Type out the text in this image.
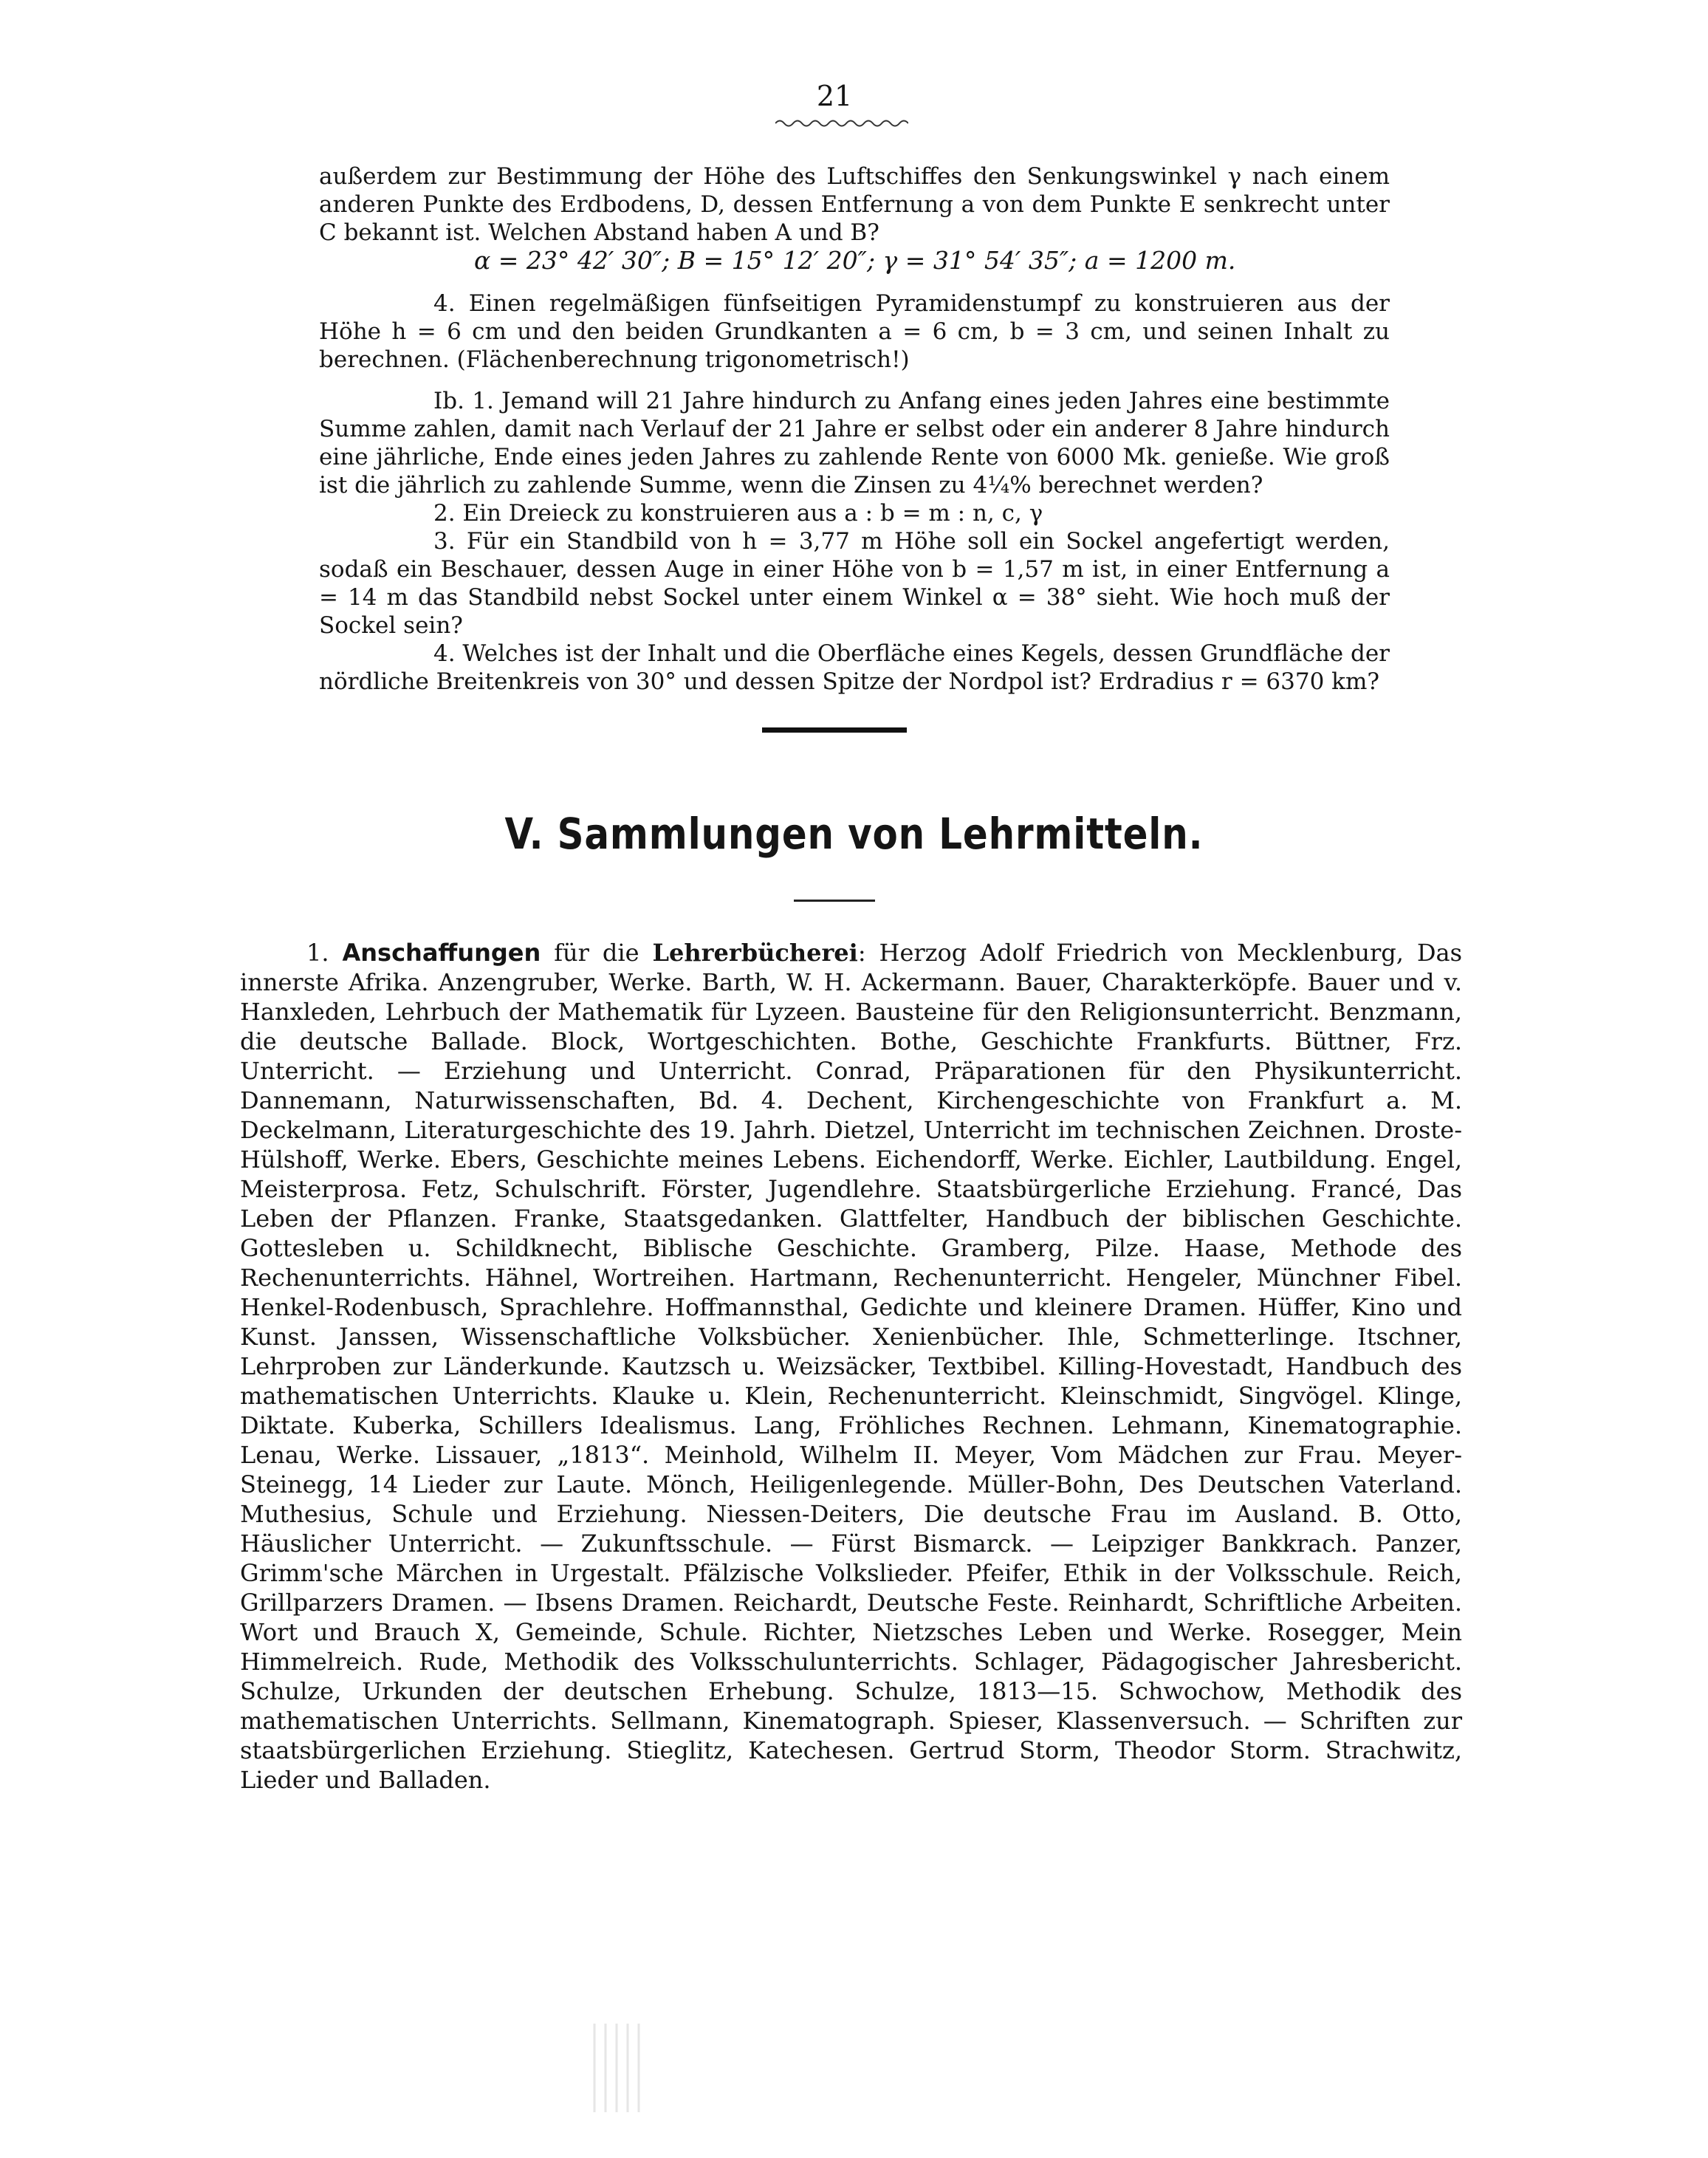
21

außerdem zur Bestimmung der Höhe des Luftschiffes den Senkungswinkel γ nach einem anderen Punkte des Erdbodens, D, dessen Entfernung a von dem Punkte E senkrecht unter C bekannt ist. Welchen Abstand haben A und B?

α = 23° 42′ 30″; B = 15° 12′ 20″; γ = 31° 54′ 35″; a = 1200 m.

4. Einen regelmäßigen fünfseitigen Pyramidenstumpf zu konstruieren aus der Höhe h = 6 cm und den beiden Grundkanten a = 6 cm, b = 3 cm, und seinen Inhalt zu berechnen. (Flächenberechnung trigonometrisch!)

Ib. 1. Jemand will 21 Jahre hindurch zu Anfang eines jeden Jahres eine bestimmte Summe zahlen, damit nach Verlauf der 21 Jahre er selbst oder ein anderer 8 Jahre hindurch eine jährliche, Ende eines jeden Jahres zu zahlende Rente von 6000 Mk. genieße. Wie groß ist die jährlich zu zahlende Summe, wenn die Zinsen zu 4¼% berechnet werden?

2. Ein Dreieck zu konstruieren aus a : b = m : n, c, γ

3. Für ein Standbild von h = 3,77 m Höhe soll ein Sockel angefertigt werden, sodaß ein Beschauer, dessen Auge in einer Höhe von b = 1,57 m ist, in einer Entfernung a = 14 m das Standbild nebst Sockel unter einem Winkel α = 38° sieht. Wie hoch muß der Sockel sein?

4. Welches ist der Inhalt und die Oberfläche eines Kegels, dessen Grundfläche der nördliche Breitenkreis von 30° und dessen Spitze der Nordpol ist? Erdradius r = 6370 km?

V. Sammlungen von Lehrmitteln.

1. Anschaffungen für die Lehrerbücherei: Herzog Adolf Friedrich von Mecklenburg, Das innerste Afrika. Anzengruber, Werke. Barth, W. H. Ackermann. Bauer, Charakterköpfe. Bauer und v. Hanxleden, Lehrbuch der Mathematik für Lyzeen. Bausteine für den Religionsunterricht. Benzmann, die deutsche Ballade. Block, Wortgeschichten. Bothe, Geschichte Frankfurts. Büttner, Frz. Unterricht. — Erziehung und Unterricht. Conrad, Präparationen für den Physikunterricht. Dannemann, Naturwissenschaften, Bd. 4. Dechent, Kirchengeschichte von Frankfurt a. M. Deckelmann, Literaturgeschichte des 19. Jahrh. Dietzel, Unterricht im technischen Zeichnen. Droste-Hülshoff, Werke. Ebers, Geschichte meines Lebens. Eichendorff, Werke. Eichler, Lautbildung. Engel, Meisterprosa. Fetz, Schulschrift. Förster, Jugendlehre. Staatsbürgerliche Erziehung. Francé, Das Leben der Pflanzen. Franke, Staatsgedanken. Glattfelter, Handbuch der biblischen Geschichte. Gottesleben u. Schildknecht, Biblische Geschichte. Gramberg, Pilze. Haase, Methode des Rechenunterrichts. Hähnel, Wortreihen. Hartmann, Rechenunterricht. Hengeler, Münchner Fibel. Henkel-Rodenbusch, Sprachlehre. Hoffmannsthal, Gedichte und kleinere Dramen. Hüffer, Kino und Kunst. Janssen, Wissenschaftliche Volksbücher. Xenienbücher. Ihle, Schmetterlinge. Itschner, Lehrproben zur Länderkunde. Kautzsch u. Weizsäcker, Textbibel. Killing-Hovestadt, Handbuch des mathematischen Unterrichts. Klauke u. Klein, Rechenunterricht. Kleinschmidt, Singvögel. Klinge, Diktate. Kuberka, Schillers Idealismus. Lang, Fröhliches Rechnen. Lehmann, Kinematographie. Lenau, Werke. Lissauer, „1813“. Meinhold, Wilhelm II. Meyer, Vom Mädchen zur Frau. Meyer-Steinegg, 14 Lieder zur Laute. Mönch, Heiligenlegende. Müller-Bohn, Des Deutschen Vaterland. Muthesius, Schule und Erziehung. Niessen-Deiters, Die deutsche Frau im Ausland. B. Otto, Häuslicher Unterricht. — Zukunftsschule. — Fürst Bismarck. — Leipziger Bankkrach. Panzer, Grimm'sche Märchen in Urgestalt. Pfälzische Volkslieder. Pfeifer, Ethik in der Volksschule. Reich, Grillparzers Dramen. — Ibsens Dramen. Reichardt, Deutsche Feste. Reinhardt, Schriftliche Arbeiten. Wort und Brauch X, Gemeinde, Schule. Richter, Nietzsches Leben und Werke. Rosegger, Mein Himmelreich. Rude, Methodik des Volksschulunterrichts. Schlager, Pädagogischer Jahresbericht. Schulze, Urkunden der deutschen Erhebung. Schulze, 1813—15. Schwochow, Methodik des mathematischen Unterrichts. Sellmann, Kinematograph. Spieser, Klassenversuch. — Schriften zur staatsbürgerlichen Erziehung. Stieglitz, Katechesen. Gertrud Storm, Theodor Storm. Strachwitz, Lieder und Balladen.
